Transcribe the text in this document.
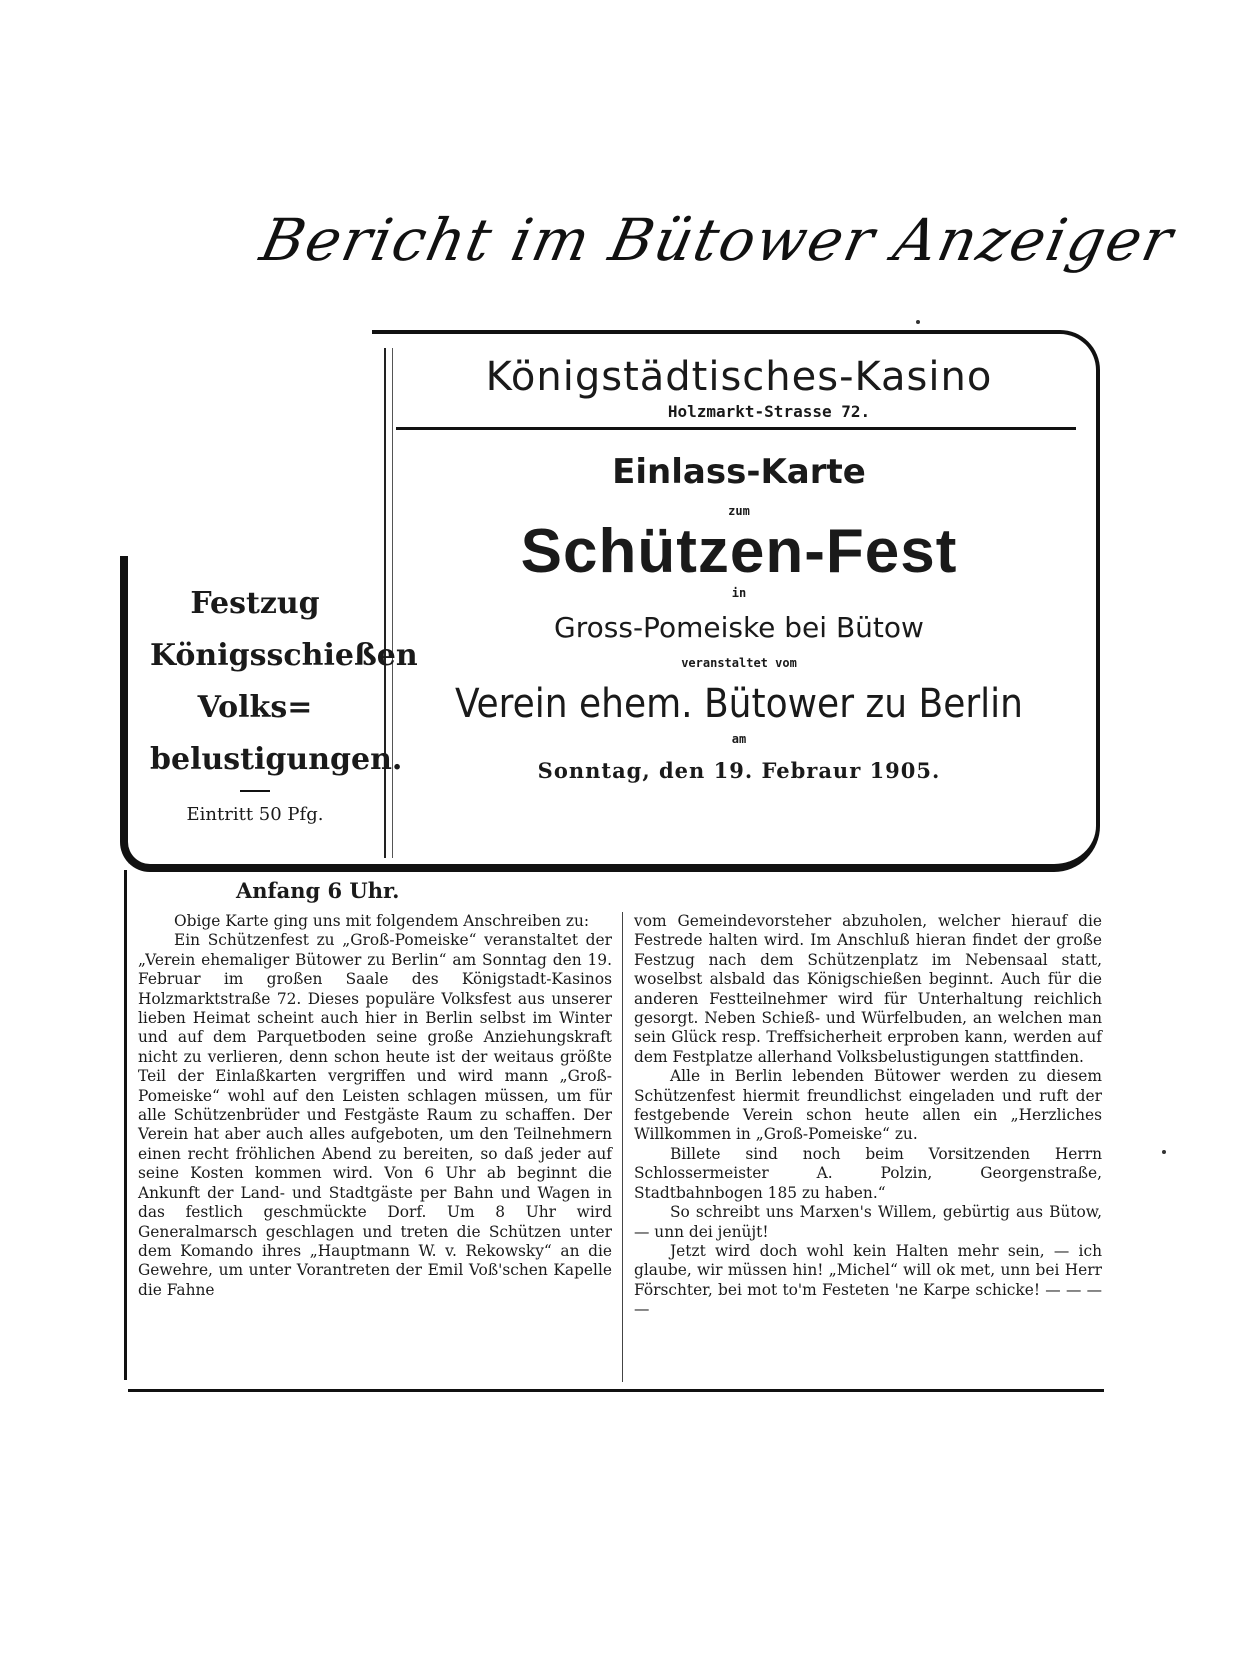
Bericht im Bütower Anzeiger
Königstädtisches-Kasino
Holzmarkt-Strasse 72.
Einlass-Karte
zum
Schützen-Fest
in
Gross-Pomeiske bei Bütow
veranstaltet vom
Verein ehem. Bütower zu Berlin
am
Sonntag, den 19. Febraur 1905.
Festzug
Königsschießen
Volks=
belustigungen.
Eintritt 50 Pfg.
Anfang 6 Uhr.

Obige Karte ging uns mit folgendem Anschreiben zu:

Ein Schützenfest zu „Groß-Pomeiske“ veranstaltet der „Verein ehemaliger Bütower zu Berlin“ am Sonntag den 19. Februar im großen Saale des Königstadt-Kasinos Holzmarktstraße 72. Dieses populäre Volksfest aus unserer lieben Heimat scheint auch hier in Berlin selbst im Winter und auf dem Parquetboden seine große Anziehungskraft nicht zu verlieren, denn schon heute ist der weitaus größte Teil der Einlaßkarten vergriffen und wird mann „Groß-Pomeiske“ wohl auf den Leisten schlagen müssen, um für alle Schützenbrüder und Festgäste Raum zu schaffen. Der Verein hat aber auch alles aufgeboten, um den Teilnehmern einen recht fröhlichen Abend zu bereiten, so daß jeder auf seine Kosten kommen wird. Von 6 Uhr ab beginnt die Ankunft der Land- und Stadtgäste per Bahn und Wagen in das festlich geschmückte Dorf. Um 8 Uhr wird Generalmarsch geschlagen und treten die Schützen unter dem Komando ihres „Hauptmann W. v. Rekowsky“ an die Gewehre, um unter Vorantreten der Emil Voß'schen Kapelle die Fahne

vom Gemeindevorsteher abzuholen, welcher hierauf die Festrede halten wird. Im Anschluß hieran findet der große Festzug nach dem Schützenplatz im Nebensaal statt, woselbst alsbald das Königschießen beginnt. Auch für die anderen Festteilnehmer wird für Unterhaltung reichlich gesorgt. Neben Schieß- und Würfelbuden, an welchen man sein Glück resp. Treffsicherheit erproben kann, werden auf dem Festplatze allerhand Volksbelustigungen stattfinden.

Alle in Berlin lebenden Bütower werden zu diesem Schützenfest hiermit freundlichst eingeladen und ruft der festgebende Verein schon heute allen ein „Herzliches Willkommen in „Groß-Pomeiske“ zu.

Billete sind noch beim Vorsitzenden Herrn Schlossermeister A. Polzin, Georgenstraße, Stadtbahnbogen 185 zu haben.“

So schreibt uns Marxen's Willem, gebürtig aus Bütow, — unn dei jenüjt!

Jetzt wird doch wohl kein Halten mehr sein, — ich glaube, wir müssen hin! „Michel“ will ok met, unn bei Herr Förschter, bei mot to'm Festeten 'ne Karpe schicke! — — — —
